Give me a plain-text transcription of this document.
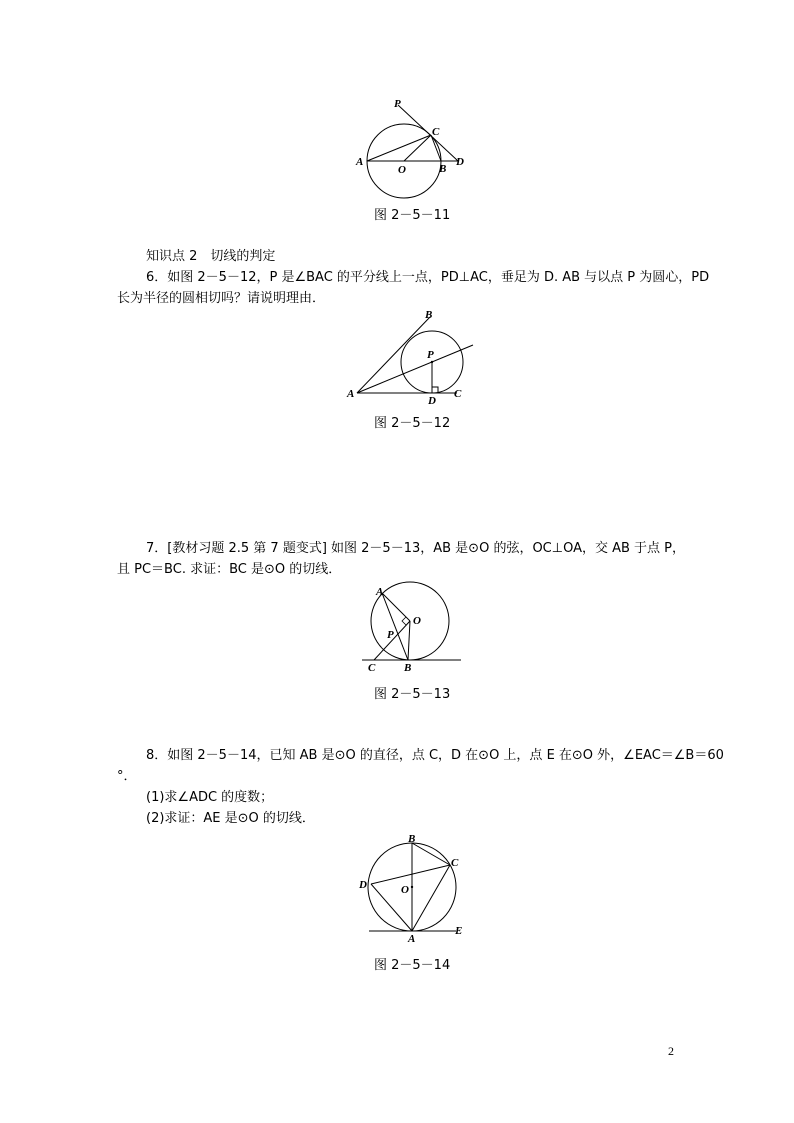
P
C
A
O	B
D
图 2－5－11
知识点 2　切线的判定
6．如图 2－5－12，P 是∠BAC 的平分线上一点，PD⊥AC，垂足为 D. AB 与以点 P 为圆心，PD
长为半径的圆相切吗？请说明理由．
B
P
A
D
C
图 2－5－12
7．[教材习题 2.5 第 7 题变式] 如图 2－5－13，AB 是⊙O 的弦，OC⊥OA，交 AB 于点 P，
且 PC＝BC. 求证：BC 是⊙O 的切线．
A
O
P
C	B
图 2－5－13
8．如图 2－5－14，已知 AB 是⊙O 的直径，点 C，D 在⊙O 上，点 E 在⊙O 外，∠EAC＝∠B＝60
°．
(1)求∠ADC 的度数；
(2)求证：AE 是⊙O 的切线．
B
C
D	O
A
E
图 2－5－14
2
